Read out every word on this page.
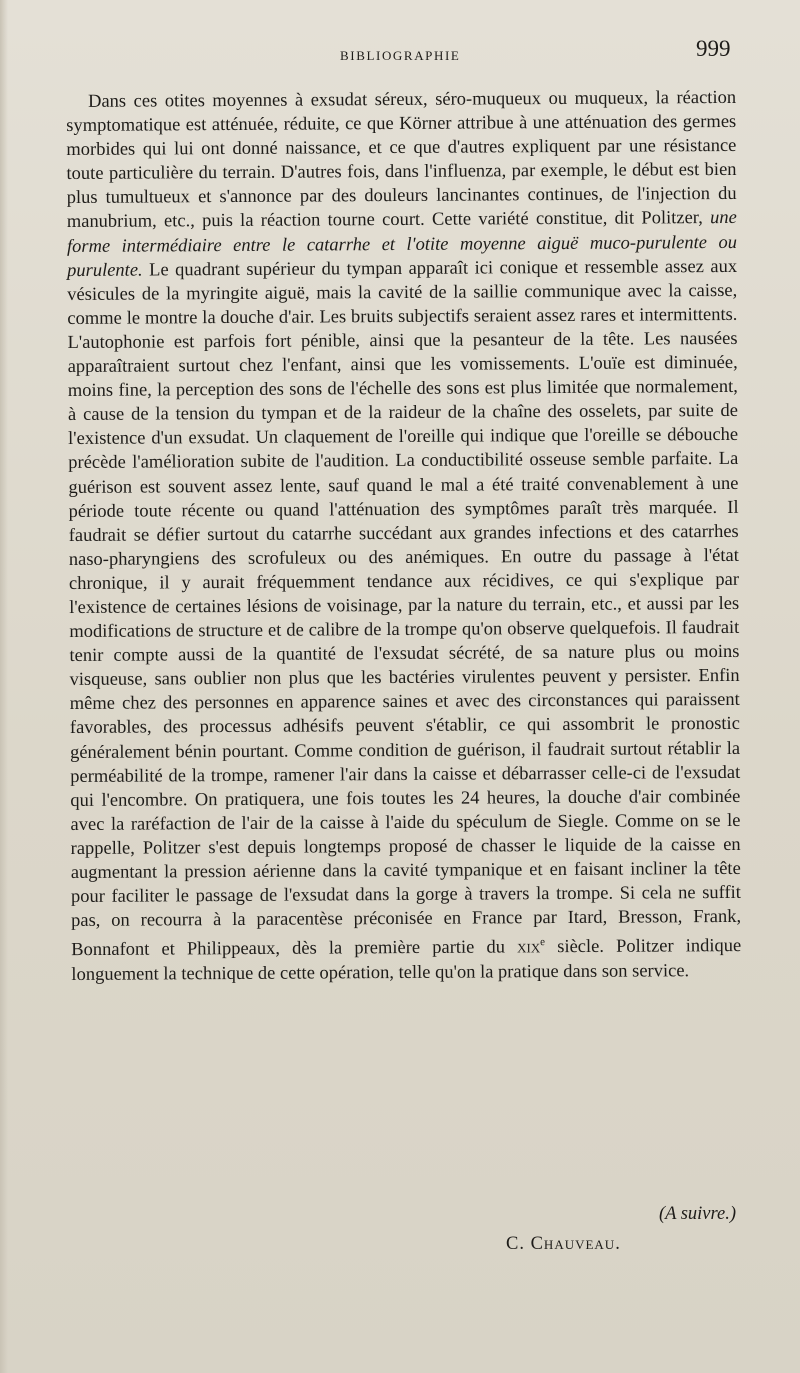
BIBLIOGRAPHIE	999

Dans ces otites moyennes à exsudat séreux, séro-muqueux ou muqueux, la réaction symptomatique est atténuée, réduite, ce que Körner attribue à une atténuation des germes morbides qui lui ont donné naissance, et ce que d'autres expliquent par une résistance toute particulière du terrain. D'autres fois, dans l'influenza, par exemple, le début est bien plus tumultueux et s'annonce par des douleurs lancinantes continues, de l'injection du manubrium, etc., puis la réaction tourne court. Cette variété constitue, dit Politzer, une forme intermédiaire entre le catarrhe et l'otite moyenne aiguë muco-purulente ou purulente. Le quadrant supérieur du tympan apparaît ici conique et ressemble assez aux vésicules de la myringite aiguë, mais la cavité de la saillie communique avec la caisse, comme le montre la douche d'air. Les bruits subjectifs seraient assez rares et intermittents. L'autophonie est parfois fort pénible, ainsi que la pesanteur de la tête. Les nausées apparaîtraient surtout chez l'enfant, ainsi que les vomissements. L'ouïe est diminuée, moins fine, la perception des sons de l'échelle des sons est plus limitée que normalement, à cause de la tension du tympan et de la raideur de la chaîne des osselets, par suite de l'existence d'un exsudat. Un claquement de l'oreille qui indique que l'oreille se débouche précède l'amélioration subite de l'audition. La conductibilité osseuse semble parfaite. La guérison est souvent assez lente, sauf quand le mal a été traité convenablement à une période toute récente ou quand l'atténuation des symptômes paraît très marquée. Il faudrait se défier surtout du catarrhe succédant aux grandes infections et des catarrhes naso-pharyngiens des scrofuleux ou des anémiques. En outre du passage à l'état chronique, il y aurait fréquemment tendance aux récidives, ce qui s'explique par l'existence de certaines lésions de voisinage, par la nature du terrain, etc., et aussi par les modifications de structure et de calibre de la trompe qu'on observe quelquefois. Il faudrait tenir compte aussi de la quantité de l'exsudat sécrété, de sa nature plus ou moins visqueuse, sans oublier non plus que les bactéries virulentes peuvent y persister. Enfin même chez des personnes en apparence saines et avec des circonstances qui paraissent favorables, des processus adhésifs peuvent s'établir, ce qui assombrit le pronostic généralement bénin pourtant. Comme condition de guérison, il faudrait surtout rétablir la perméabilité de la trompe, ramener l'air dans la caisse et débarrasser celle-ci de l'exsudat qui l'encombre. On pratiquera, une fois toutes les 24 heures, la douche d'air combinée avec la raréfaction de l'air de la caisse à l'aide du spéculum de Siegle. Comme on se le rappelle, Politzer s'est depuis longtemps proposé de chasser le liquide de la caisse en augmentant la pression aérienne dans la cavité tympanique et en faisant incliner la tête pour faciliter le passage de l'exsudat dans la gorge à travers la trompe. Si cela ne suffit pas, on recourra à la paracentèse préconisée en France par Itard, Bresson, Frank, Bonnafont et Philippeaux, dès la première partie du xix$^e$ siècle. Politzer indique longuement la technique de cette opération, telle qu'on la pratique dans son service.

(A suivre.)
C. Chauveau.
